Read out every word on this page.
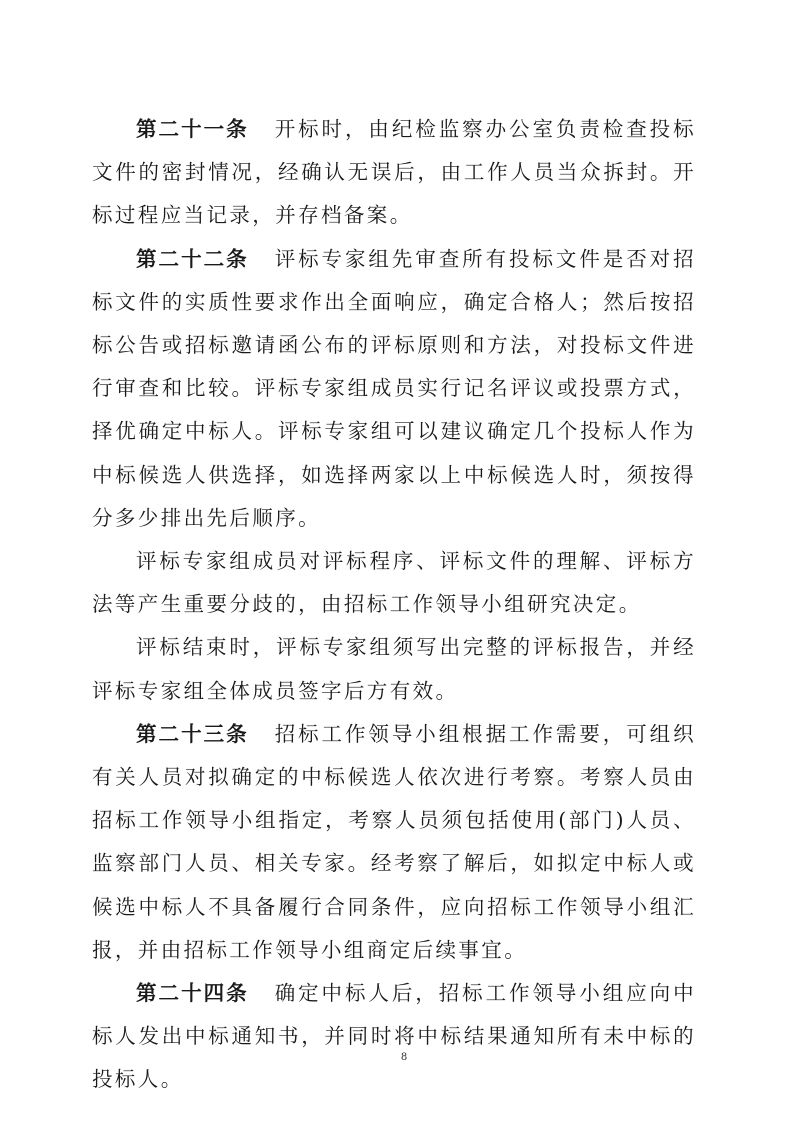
第二十一条 开标时，由纪检监察办公室负责检查投标文件的密封情况，经确认无误后，由工作人员当众拆封。开标过程应当记录，并存档备案。

第二十二条 评标专家组先审查所有投标文件是否对招标文件的实质性要求作出全面响应，确定合格人；然后按招标公告或招标邀请函公布的评标原则和方法，对投标文件进行审查和比较。评标专家组成员实行记名评议或投票方式，择优确定中标人。评标专家组可以建议确定几个投标人作为中标候选人供选择，如选择两家以上中标候选人时，须按得分多少排出先后顺序。

评标专家组成员对评标程序、评标文件的理解、评标方法等产生重要分歧的，由招标工作领导小组研究决定。

评标结束时，评标专家组须写出完整的评标报告，并经评标专家组全体成员签字后方有效。

第二十三条 招标工作领导小组根据工作需要，可组织有关人员对拟确定的中标候选人依次进行考察。考察人员由招标工作领导小组指定，考察人员须包括使用(部门)人员、监察部门人员、相关专家。经考察了解后，如拟定中标人或候选中标人不具备履行合同条件，应向招标工作领导小组汇报，并由招标工作领导小组商定后续事宜。

第二十四条 确定中标人后，招标工作领导小组应向中标人发出中标通知书，并同时将中标结果通知所有未中标的投标人。

8
